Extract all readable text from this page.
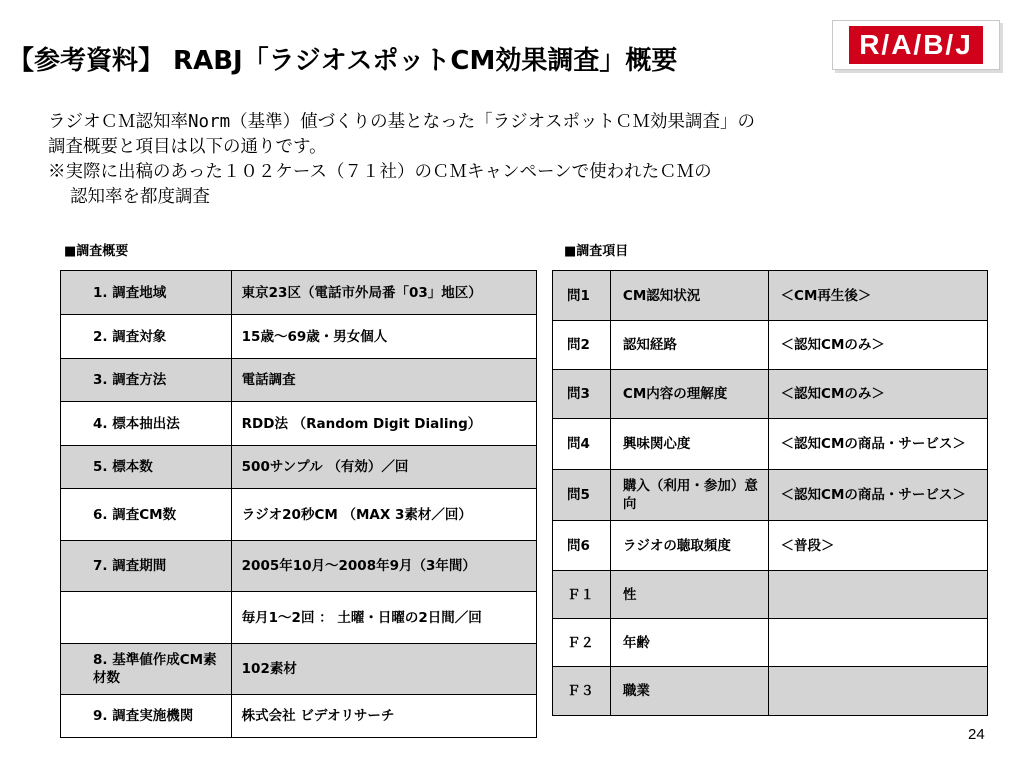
【参考資料】 RABJ「ラジオスポットCM効果調査」概要
R/A/B/J
ラジオＣＭ認知率Norm（基準）値づくりの基となった「ラジオスポットＣＭ効果調査」の
調査概要と項目は以下の通りです。
※実際に出稿のあった１０２ケース（７１社）のＣＭキャンペーンで使われたＣＭの
認知率を都度調査
■調査概要	■調査項目
1. 調査地域	東京23区（電話市外局番「03」地区）
2. 調査対象	15歳～69歳・男女個人
3. 調査方法	電話調査
4. 標本抽出法	RDD法 （Random Digit Dialing）
5. 標本数	500サンプル （有効）／回
6. 調査CM数	ラジオ20秒CM （MAX 3素材／回）
7. 調査期間	2005年10月～2008年9月（3年間）
	毎月1～2回 ： 土曜・日曜の2日間／回
8. 基準値作成CM素材数	102素材
9. 調査実施機関	株式会社 ビデオリサーチ
問1	CM認知状況	＜CM再生後＞
問2	認知経路	＜認知CMのみ＞
問3	CM内容の理解度	＜認知CMのみ＞
問4	興味関心度	＜認知CMの商品・サービス＞
問5	購入（利用・参加）意向	＜認知CMの商品・サービス＞
問6	ラジオの聴取頻度	＜普段＞
Ｆ１	性	
Ｆ２	年齢	
Ｆ３	職業	
24
